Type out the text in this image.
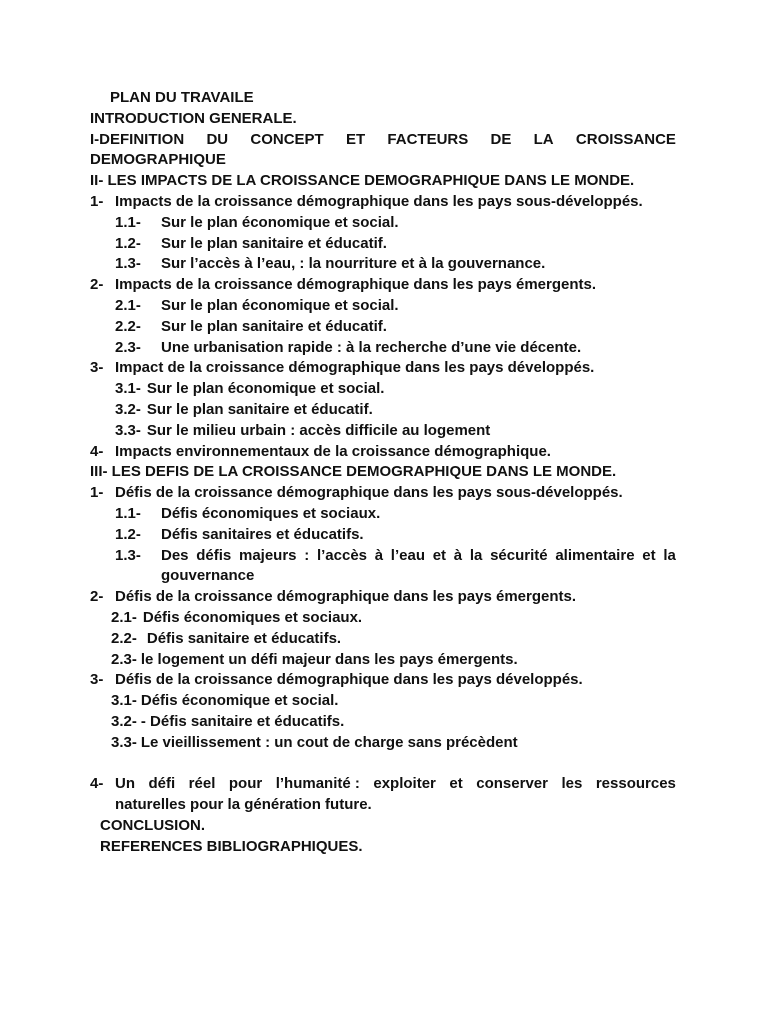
PLAN DU TRAVAILE
INTRODUCTION GENERALE.
I-DEFINITION DU CONCEPT ET FACTEURS DE LA CROISSANCE
DEMOGRAPHIQUE
II- LES IMPACTS DE LA CROISSANCE DEMOGRAPHIQUE DANS LE MONDE.
1- Impacts de la croissance démographique dans les pays sous-développés.
1.1-	Sur le plan économique et social.
1.2-	Sur le plan sanitaire et éducatif.
1.3-	Sur l’accès à l’eau, : la nourriture et à la gouvernance.
2- Impacts de la croissance démographique dans les pays émergents.
2.1-	Sur le plan économique et social.
2.2-	Sur le plan sanitaire et éducatif.
2.3-	Une urbanisation rapide : à la recherche d’une vie décente.
3- Impact de la croissance démographique dans les pays développés.
3.1- Sur le plan économique et social.
3.2- Sur le plan sanitaire et éducatif.
3.3- Sur le milieu urbain : accès difficile au logement
4- Impacts environnementaux de la croissance démographique.
III- LES DEFIS DE LA CROISSANCE DEMOGRAPHIQUE DANS LE MONDE.
1- Défis de la croissance démographique dans les pays sous-développés.
1.1-	Défis économiques et sociaux.
1.2-	Défis sanitaires et éducatifs.
1.3-	Des défis majeurs : l’accès à l’eau et à la sécurité alimentaire et la
gouvernance
2- Défis de la croissance démographique dans les pays émergents.
2.1- Défis économiques et sociaux.
2.2- Défis sanitaire et éducatifs.
2.3- le logement un défi majeur dans les pays émergents.
3- Défis de la croissance démographique dans les pays développés.
3.1- Défis économique et social.
3.2- - Défis sanitaire et éducatifs.
3.3- Le vieillissement : un cout de charge sans précèdent
4- Un défi réel pour l’humanité : exploiter et conserver les ressources
naturelles pour la génération future.
CONCLUSION.
REFERENCES BIBLIOGRAPHIQUES.
